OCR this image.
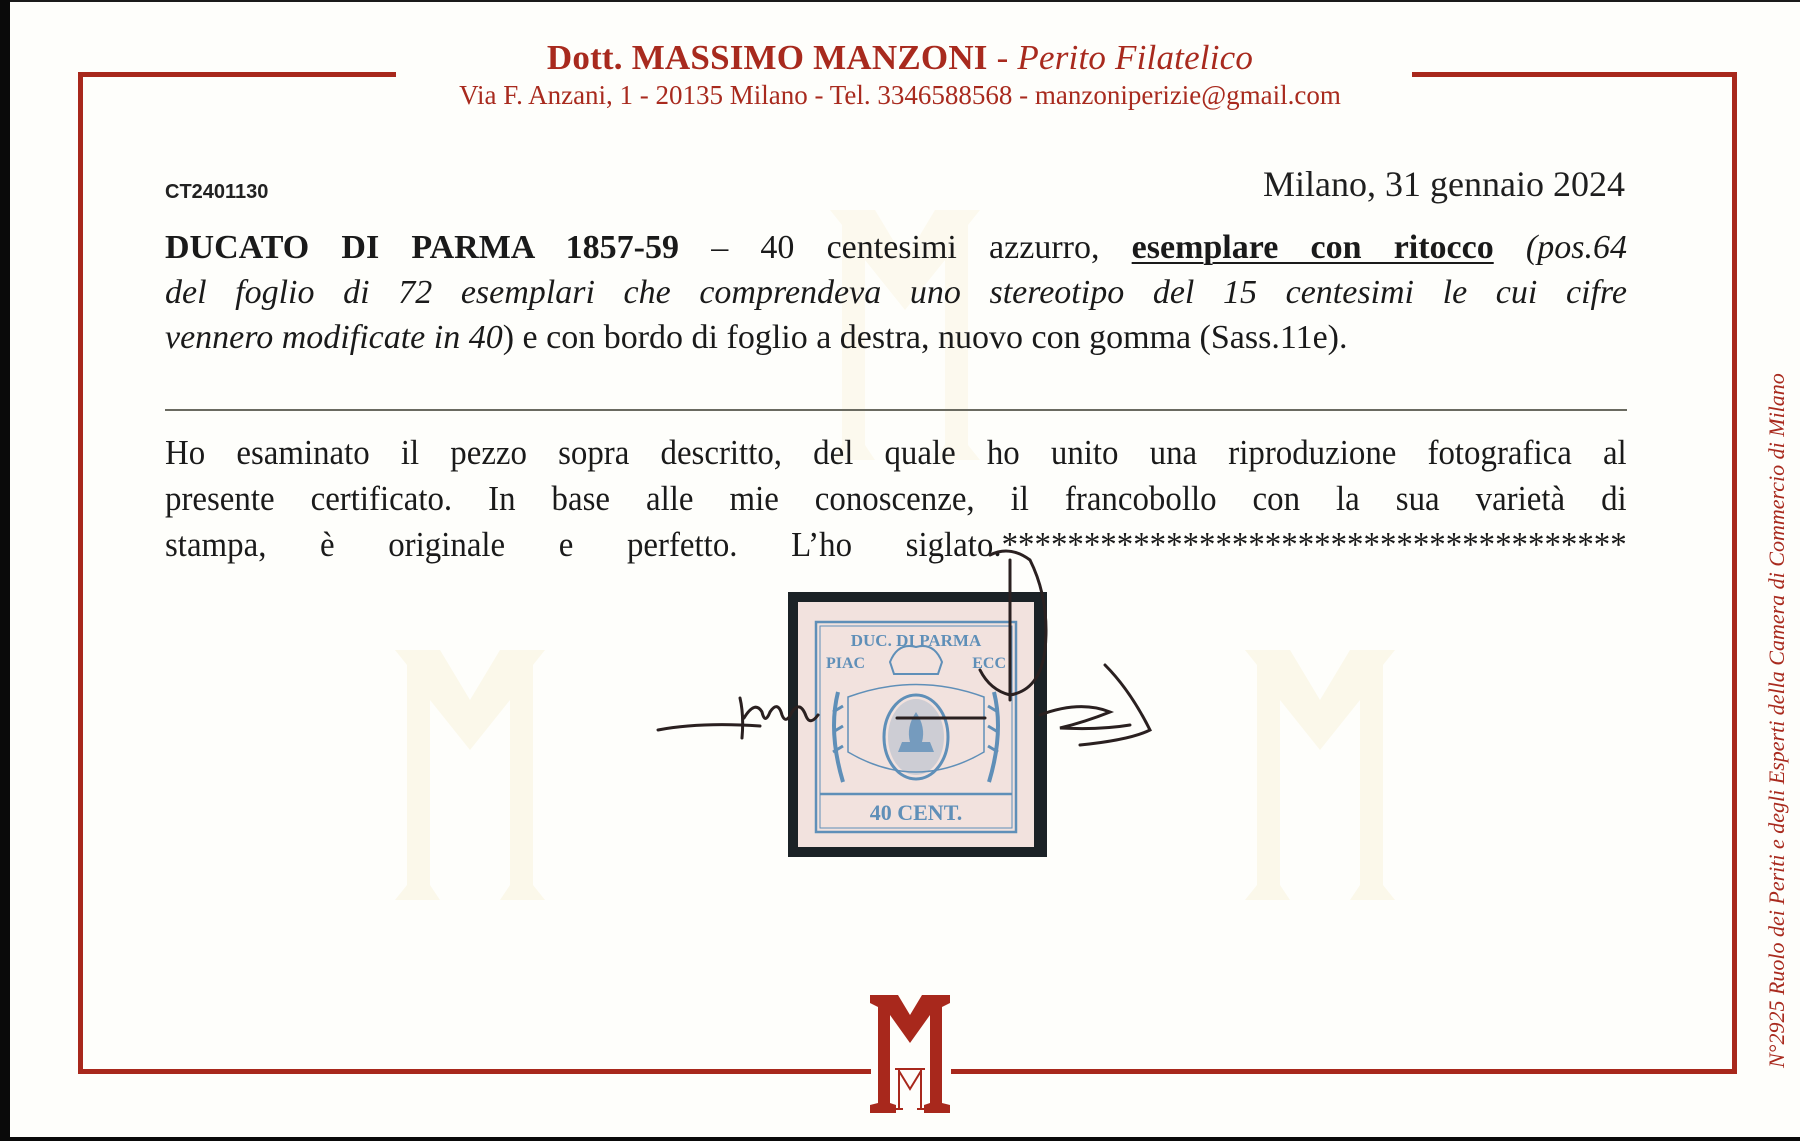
Dott. MASSIMO MANZONI - Perito Filatelico
Via F. Anzani, 1 - 20135 Milano - Tel. 3346588568 - manzoniperizie@gmail.com
CT2401130	Milano, 31 gennaio 2024
DUCATO DI PARMA 1857-59 – 40 centesimi azzurro, esemplare con ritocco (pos.64
del foglio di 72 esemplari che comprendeva uno stereotipo del 15 centesimi le cui cifre
vennero modificate in 40) e con bordo di foglio a destra, nuovo con gomma (Sass.11e).
Ho esaminato il pezzo sopra descritto, del quale ho unito una riproduzione fotografica al
presente certificato. In base alle mie conoscenze, il francobollo con la sua varietà di
stampa, è originale e perfetto. L’ho siglato.**************************************
DUC. DI PARMA
PIAC	ECC
40 CENT.	N°2925 Ruolo dei Periti e degli Esperti della Camera di Commercio di Milano
